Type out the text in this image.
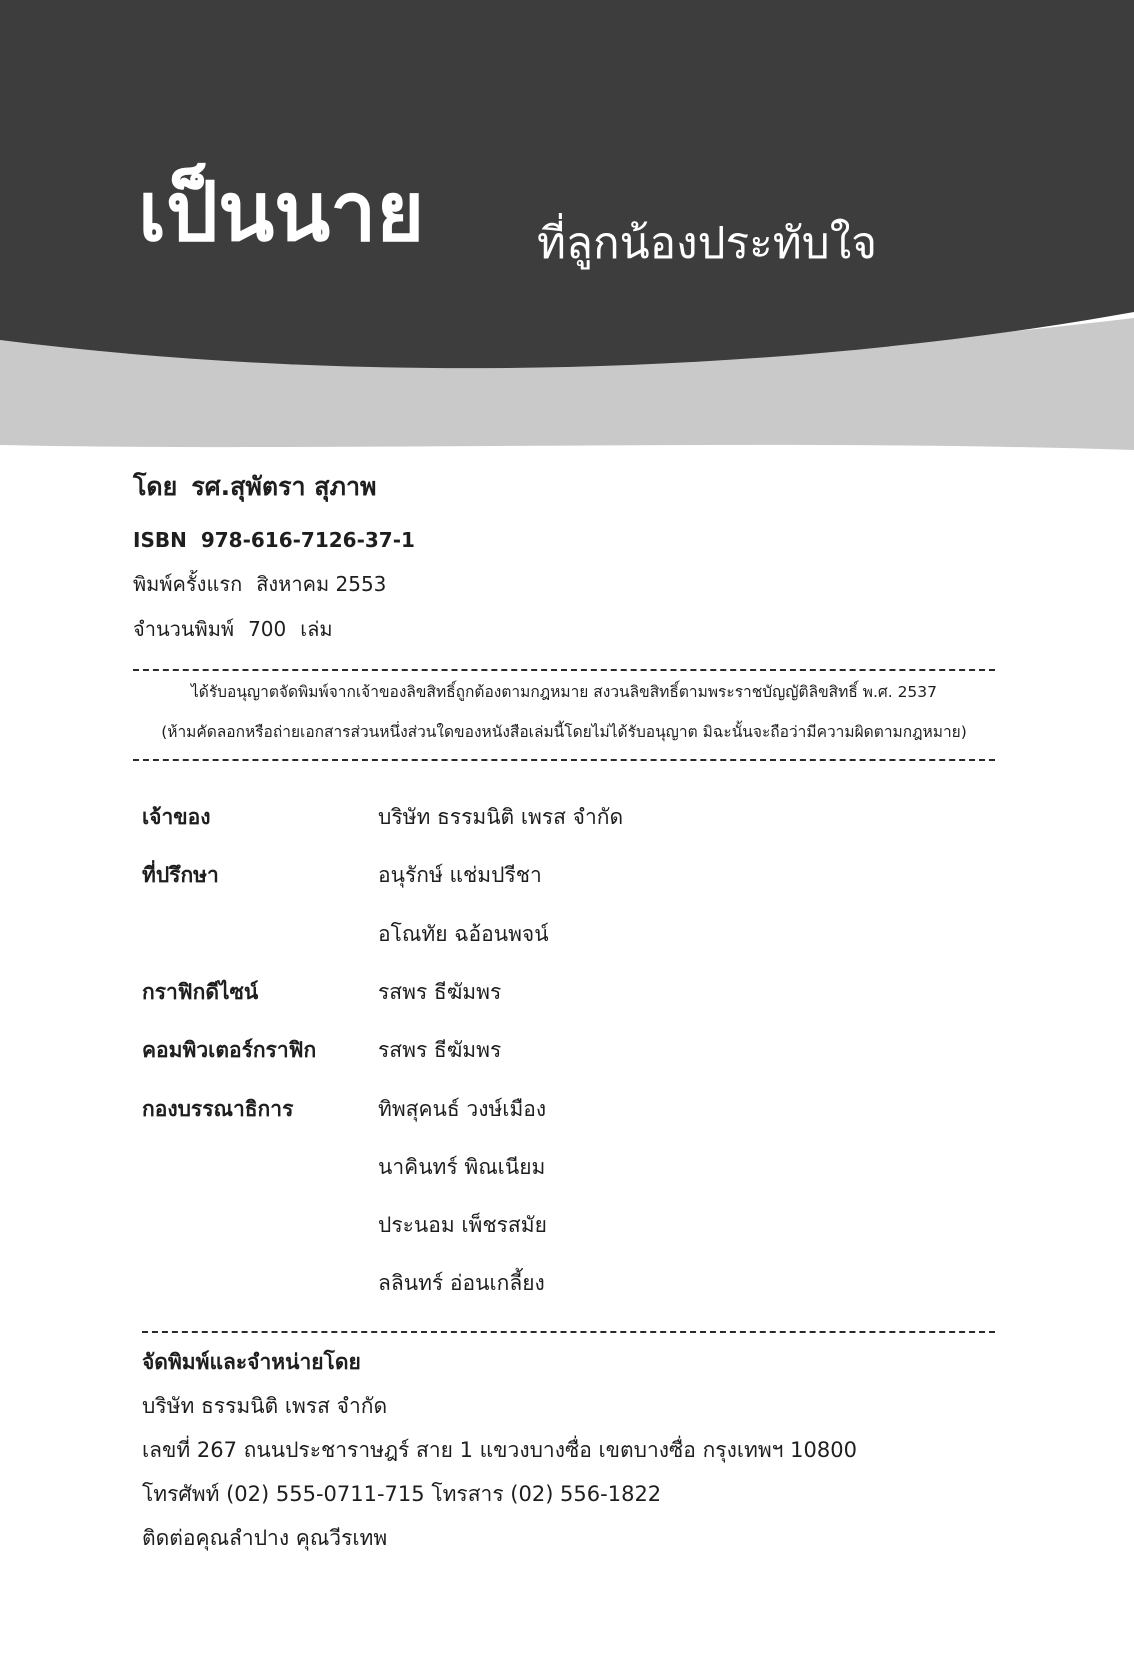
เป็นนาย	ที่ลูกน้องประทับใจ
โดย รศ.สุพัตรา สุภาพ
ISBN 978-616-7126-37-1
พิมพ์ครั้งแรก สิงหาคม 2553
จำนวนพิมพ์ 700 เล่ม
ได้รับอนุญาตจัดพิมพ์จากเจ้าของลิขสิทธิ์ถูกต้องตามกฎหมาย สงวนลิขสิทธิ์ตามพระราชบัญญัติลิขสิทธิ์ พ.ศ. 2537
(ห้ามคัดลอกหรือถ่ายเอกสารส่วนหนึ่งส่วนใดของหนังสือเล่มนี้โดยไม่ได้รับอนุญาต มิฉะนั้นจะถือว่ามีความผิดตามกฎหมาย)
เจ้าของ	บริษัท ธรรมนิติ เพรส จำกัด
ที่ปรึกษา	อนุรักษ์ แช่มปรีชา
อโณทัย ฉอ้อนพจน์
กราฟิกดีไซน์	รสพร ธีฆัมพร
คอมพิวเตอร์กราฟิก	รสพร ธีฆัมพร
กองบรรณาธิการ	ทิพสุคนธ์ วงษ์เมือง
นาคินทร์ พิณเนียม
ประนอม เพ็ชรสมัย
ลลินทร์ อ่อนเกลี้ยง
จัดพิมพ์และจำหน่ายโดย
บริษัท ธรรมนิติ เพรส จำกัด
เลขที่ 267 ถนนประชาราษฎร์ สาย 1 แขวงบางซื่อ เขตบางซื่อ กรุงเทพฯ 10800
โทรศัพท์ (02) 555-0711-715 โทรสาร (02) 556-1822
ติดต่อคุณลำปาง คุณวีรเทพ
